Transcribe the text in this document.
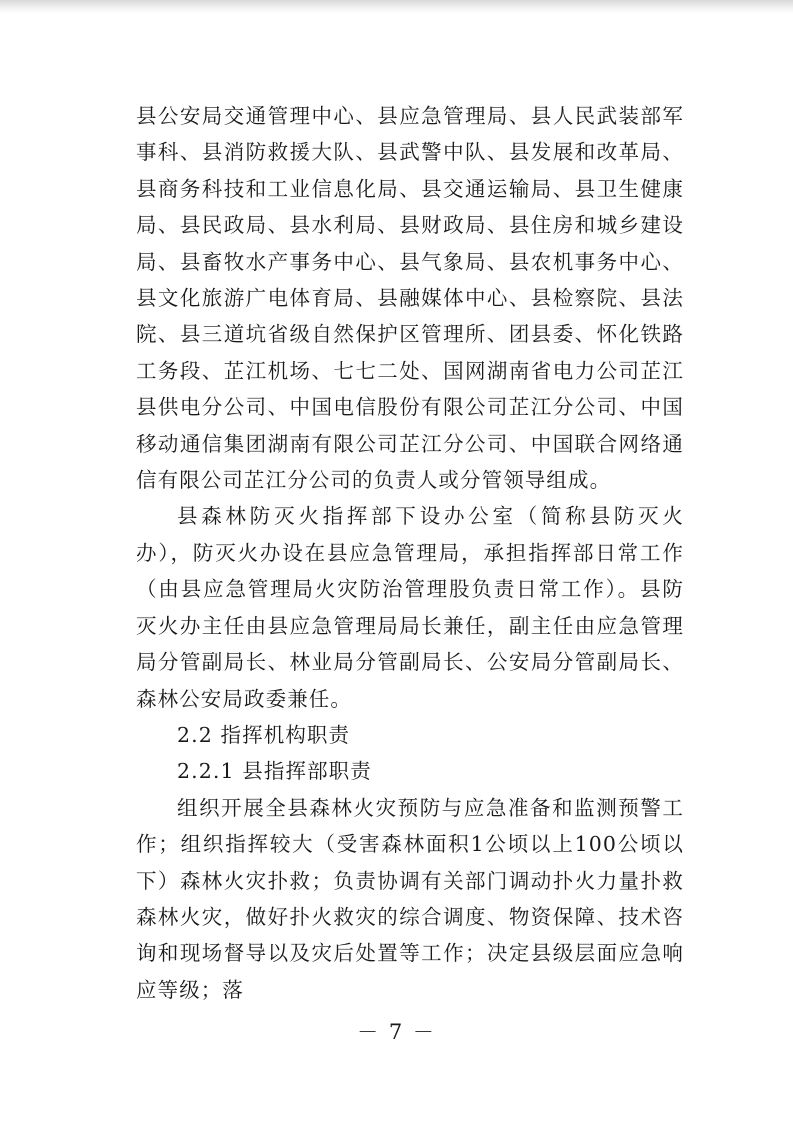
县公安局交通管理中心、县应急管理局、县人民武装部军事科、县消防救援大队、县武警中队、县发展和改革局、县商务科技和工业信息化局、县交通运输局、县卫生健康局、县民政局、县水利局、县财政局、县住房和城乡建设局、县畜牧水产事务中心、县气象局、县农机事务中心、县文化旅游广电体育局、县融媒体中心、县检察院、县法院、县三道坑省级自然保护区管理所、团县委、怀化铁路工务段、芷江机场、七七二处、国网湖南省电力公司芷江县供电分公司、中国电信股份有限公司芷江分公司、中国移动通信集团湖南有限公司芷江分公司、中国联合网络通信有限公司芷江分公司的负责人或分管领导组成。

县森林防灭火指挥部下设办公室（简称县防灭火办），防灭火办设在县应急管理局，承担指挥部日常工作（由县应急管理局火灾防治管理股负责日常工作）。县防灭火办主任由县应急管理局局长兼任，副主任由应急管理局分管副局长、林业局分管副局长、公安局分管副局长、森林公安局政委兼任。

2.2 指挥机构职责

2.2.1 县指挥部职责

组织开展全县森林火灾预防与应急准备和监测预警工作；组织指挥较大（受害森林面积1公顷以上100公顷以下）森林火灾扑救；负责协调有关部门调动扑火力量扑救森林火灾，做好扑火救灾的综合调度、物资保障、技术咨询和现场督导以及灾后处置等工作；决定县级层面应急响应等级；落

－ 7 －
